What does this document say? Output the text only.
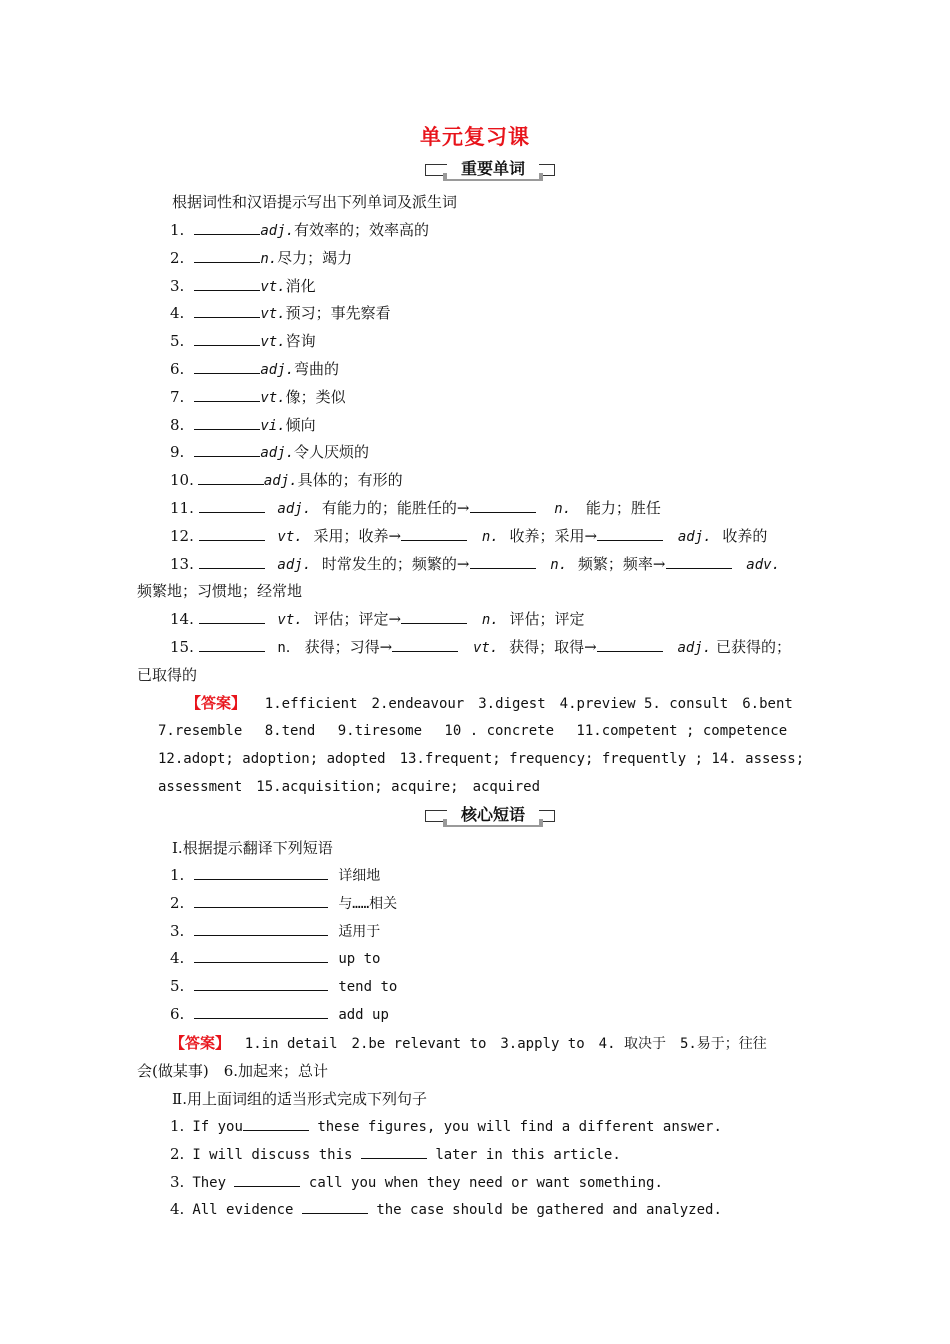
单元复习课
重要单词
根据词性和汉语提示写出下列单词及派生词
1.	adj.有效率的；效率高的
2.	n.尽力；竭力
3.	vt.消化
4.	vt.预习；事先察看
5.	vt.咨询
6.	adj.弯曲的
7.	vt.像；类似
8.	vi.倾向
9.	adj.令人厌烦的
10.	adj.具体的；有形的
11.	adj. 有能力的；能胜任的→	n. 能力；胜任
12.	vt. 采用；收养→	n. 收养；采用→	adj. 收养的
13.	adj. 时常发生的；频繁的→	n. 频繁；频率→	adv.
频繁地；习惯地；经常地
14.	vt. 评估；评定→	n. 评估；评定
15.	n． 获得；习得→	vt. 获得；取得→	adj. 已获得的；
已取得的
【答案】 1.efficient　2.endeavour　3.digest　4.preview 5. consult　6.bent
7.resemble　 8.tend　 9.tiresome　 10 . concrete　 11.competent ; competence
12.adopt; adoption; adopted　13.frequent; frequency; frequently ; 14. assess;
assessment　15.acquisition; acquire;　acquired
核心短语
Ⅰ.根据提示翻译下列短语
1.	详细地
2.	与……相关
3.	适用于
4.	up to
5.	tend to
6.	add up
【答案】 1.in detail　2.be relevant to　3.apply to　4. 取决于　5.易于；往往
会(做某事)　6.加起来；总计
Ⅱ.用上面词组的适当形式完成下列句子
1. If you	these figures, you will find a different answer.
2. I will discuss this	later in this article.
3. They	call you when they need or want something.
4. All evidence	the case should be gathered and analyzed.
